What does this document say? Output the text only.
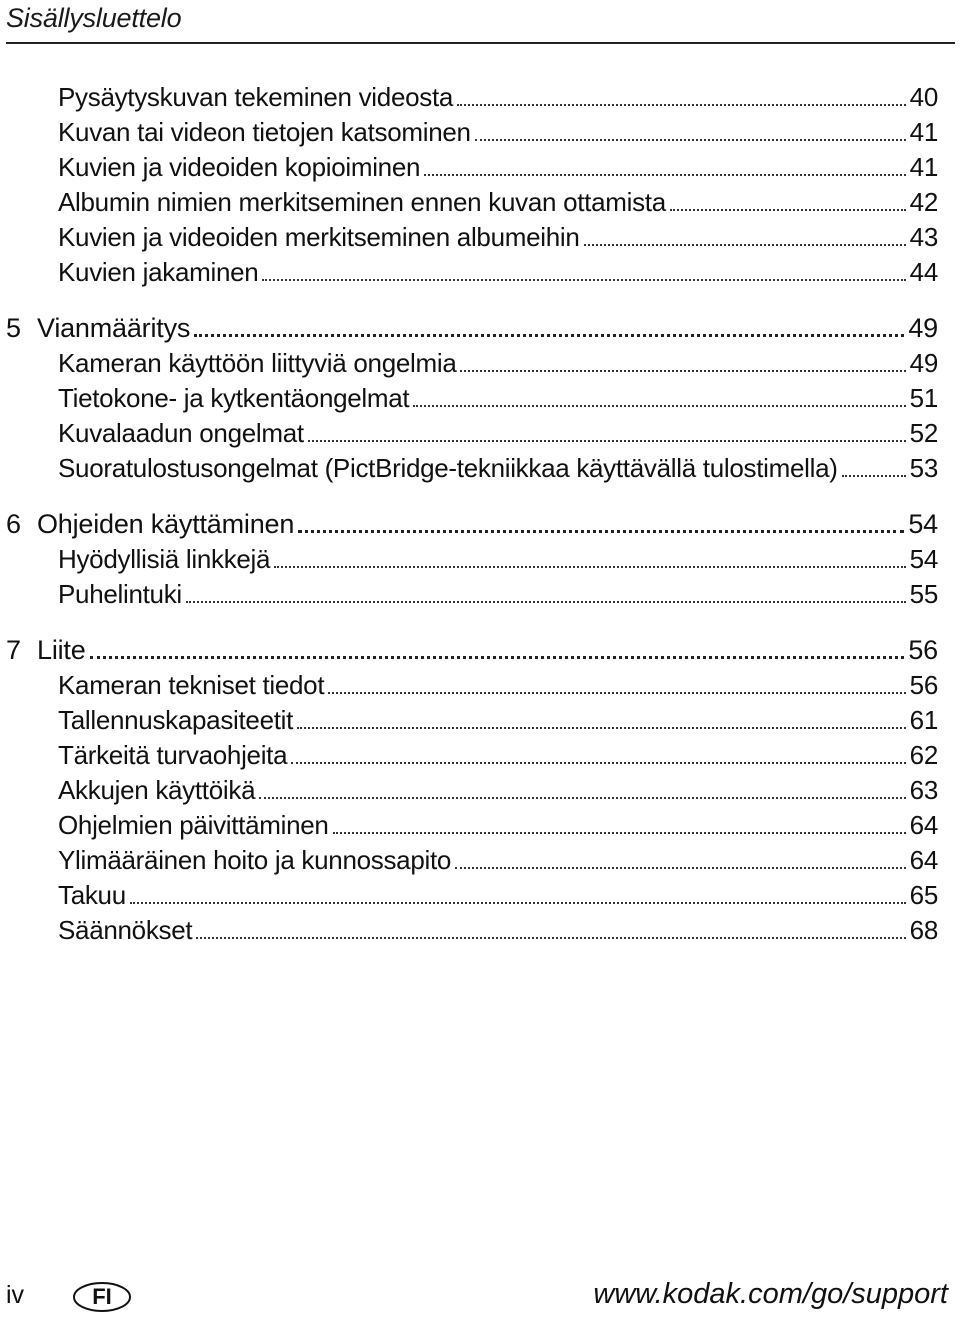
Sisällysluettelo
Pysäytyskuvan tekeminen videosta	40
Kuvan tai videon tietojen katsominen	41
Kuvien ja videoiden kopioiminen	41
Albumin nimien merkitseminen ennen kuvan ottamista	42
Kuvien ja videoiden merkitseminen albumeihin	43
Kuvien jakaminen	44
5 Vianmääritys	49
Kameran käyttöön liittyviä ongelmia	49
Tietokone- ja kytkentäongelmat	51
Kuvalaadun ongelmat	52
Suoratulostusongelmat (PictBridge-tekniikkaa käyttävällä tulostimella)	53
6 Ohjeiden käyttäminen	54
Hyödyllisiä linkkejä	54
Puhelintuki	55
7 Liite	56
Kameran tekniset tiedot	56
Tallennuskapasiteetit	61
Tärkeitä turvaohjeita	62
Akkujen käyttöikä	63
Ohjelmien päivittäminen	64
Ylimääräinen hoito ja kunnossapito	64
Takuu	65
Säännökset	68
iv	FI	www.kodak.com/go/support
